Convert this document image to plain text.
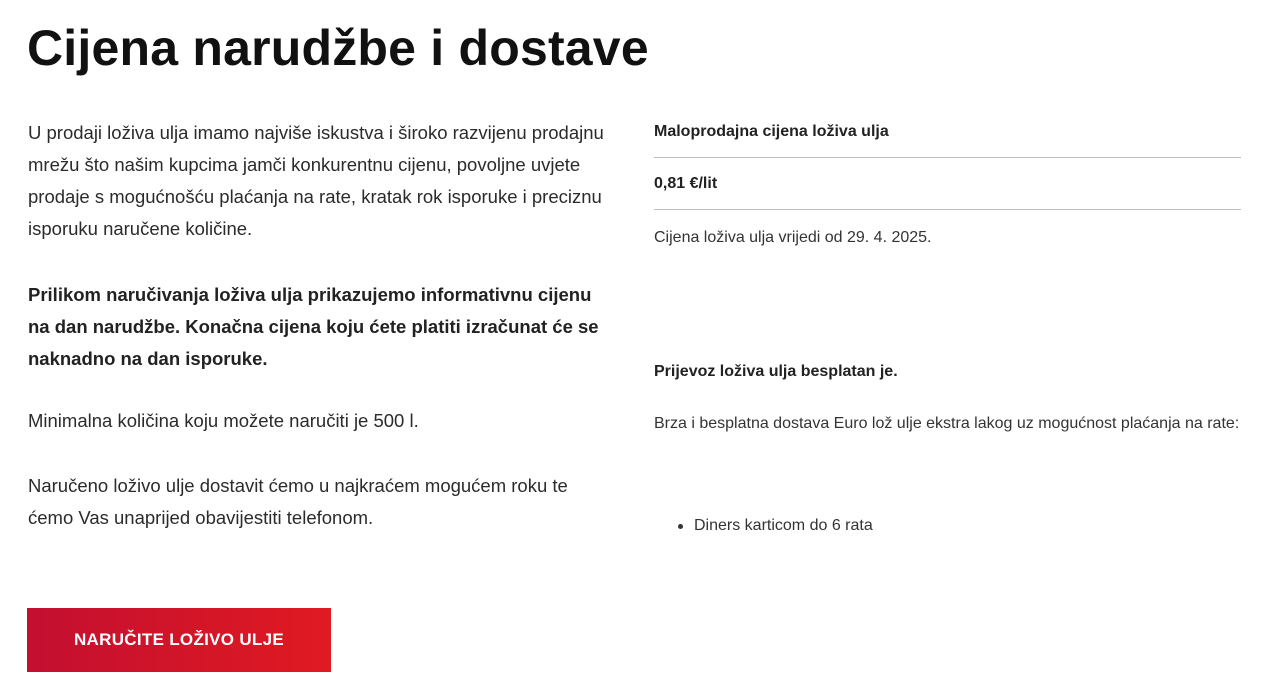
Cijena narudžbe i dostave

U prodaji loživa ulja imamo najviše iskustva i široko razvijenu prodajnu mrežu što našim kupcima jamči konkurentnu cijenu, povoljne uvjete prodaje s mogućnošću plaćanja na rate, kratak rok isporuke i preciznu isporuku naručene količine.

Prilikom naručivanja loživa ulja prikazujemo informativnu cijenu na dan narudžbe. Konačna cijena koju ćete platiti izračunat će se naknadno na dan isporuke.

Minimalna količina koju možete naručiti je 500 l.

Naručeno loživo ulje dostavit ćemo u najkraćem mogućem roku te ćemo Vas unaprijed obavijestiti telefonom.

Maloprodajna cijena loživa ulja
0,81 €/lit
Cijena loživa ulja vrijedi od 29. 4. 2025.
Prijevoz loživa ulja besplatan je.
Brza i besplatna dostava Euro lož ulje ekstra lakog uz mogućnost plaćanja na rate:
Diners karticom do 6 rata
NARUČITE LOŽIVO ULJE
